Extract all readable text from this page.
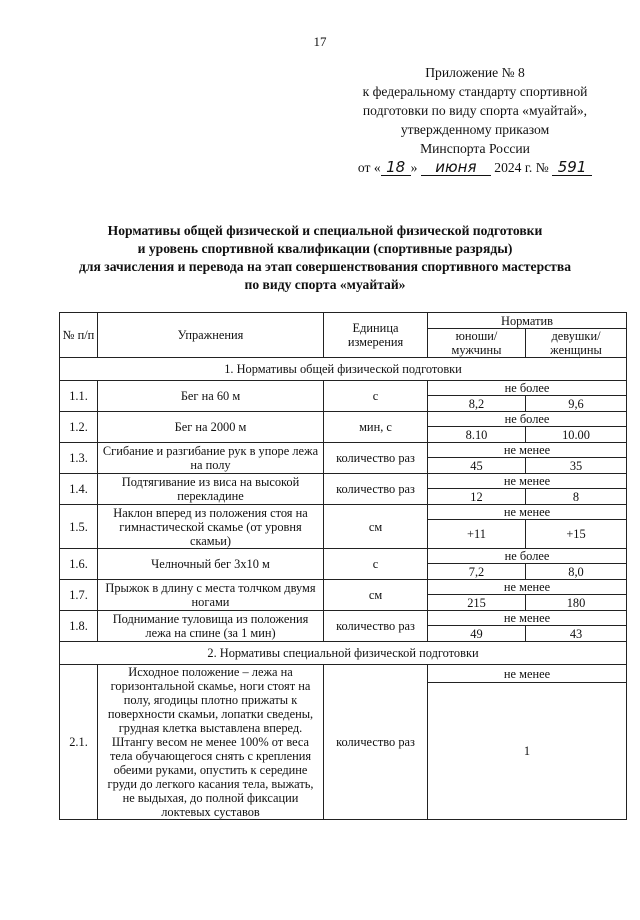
17
Приложение № 8
к федеральному стандарту спортивной
подготовки по виду спорта «муайтай»,
утвержденному приказом
Минспорта России
от « 18 » июня 2024 г. № 591
Нормативы общей физической и специальной физической подготовки
и уровень спортивной квалификации (спортивные разряды)
для зачисления и перевода на этап совершенствования спортивного мастерства
по виду спорта «муайтай»
№ п/п	Упражнения	Единица измерения	Норматив	
			юноши/ мужчины	девушки/ женщины
1. Нормативы общей физической подготовки				
1.1.	Бег на 60 м	с	не более	
			8,2	9,6
1.2.	Бег на 2000 м	мин, с	не более	
			8.10	10.00
1.3.	Сгибание и разгибание рук в упоре лежа на полу	количество раз	не менее	
			45	35
1.4.	Подтягивание из виса на высокой перекладине	количество раз	не менее	
			12	8
1.5.	Наклон вперед из положения стоя на гимнастической скамье (от уровня скамьи)	см	не менее	
			+11	+15
1.6.	Челночный бег 3x10 м	с	не более	
			7,2	8,0
1.7.	Прыжок в длину с места толчком двумя ногами	см	не менее	
			215	180
1.8.	Поднимание туловища из положения лежа на спине (за 1 мин)	количество раз	не менее	
			49	43
2. Нормативы специальной физической подготовки				
2.1.	Исходное положение – лежа на горизонтальной скамье, ноги стоят на полу, ягодицы плотно прижаты к поверхности скамьи, лопатки сведены, грудная клетка выставлена вперед. Штангу весом не менее 100% от веса тела обучающегося снять с крепления обеими руками, опустить к середине груди до легкого касания тела, выжать, не выдыхая, до полной фиксации локтевых суставов	количество раз	не менее	
			1	
